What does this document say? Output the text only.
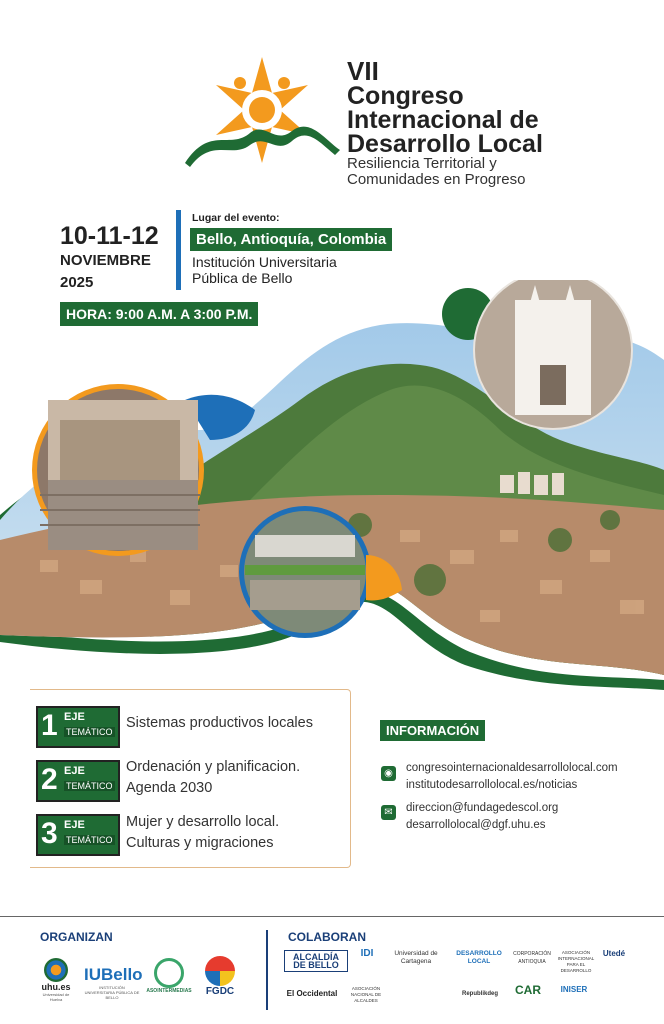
VII
Congreso
Internacional de
Desarrollo Local
Resiliencia Territorial y
Comunidades en Progreso
10-11-12
NOVIEMBRE
2025
Lugar del evento:
Bello, Antioquía, Colombia
Institución Universitaria
Pública de Bello
HORA: 9:00 A.M. A 3:00 P.M.
1 EJE
TEMÁTICO
Sistemas productivos locales
2 EJE
TEMÁTICO
Ordenación y planificacion.
Agenda 2030
3 EJE
TEMÁTICO
Mujer y desarrollo local.
Culturas y migraciones
INFORMACIÓN
◉ congresointernacionaldesarrollolocal.com
institutodesarrollolocal.es/noticias
✉ direccion@fundagedescol.org
desarrollolocal@dgf.uhu.es
ORGANIZAN	COLABORAN
uhu.es
Universidad de Huelva
IUBello
INSTITUCIÓN UNIVERSITARIA PÚBLICA DE BELLO
ASOINTERMEDIAS	FGDC
ALCALDÍA DE BELLO
IDI	Universidad de Cartagena
DESARROLLO LOCAL
CORPORACIÓN ANTIOQUIA
ASOCIACIÓN INTERNACIONAL PARA EL DESARROLLO
Utedé
El Occidental
ASOCIACIÓN NACIONAL DE ALCALDES
Republikdeg	CAR	INISER
